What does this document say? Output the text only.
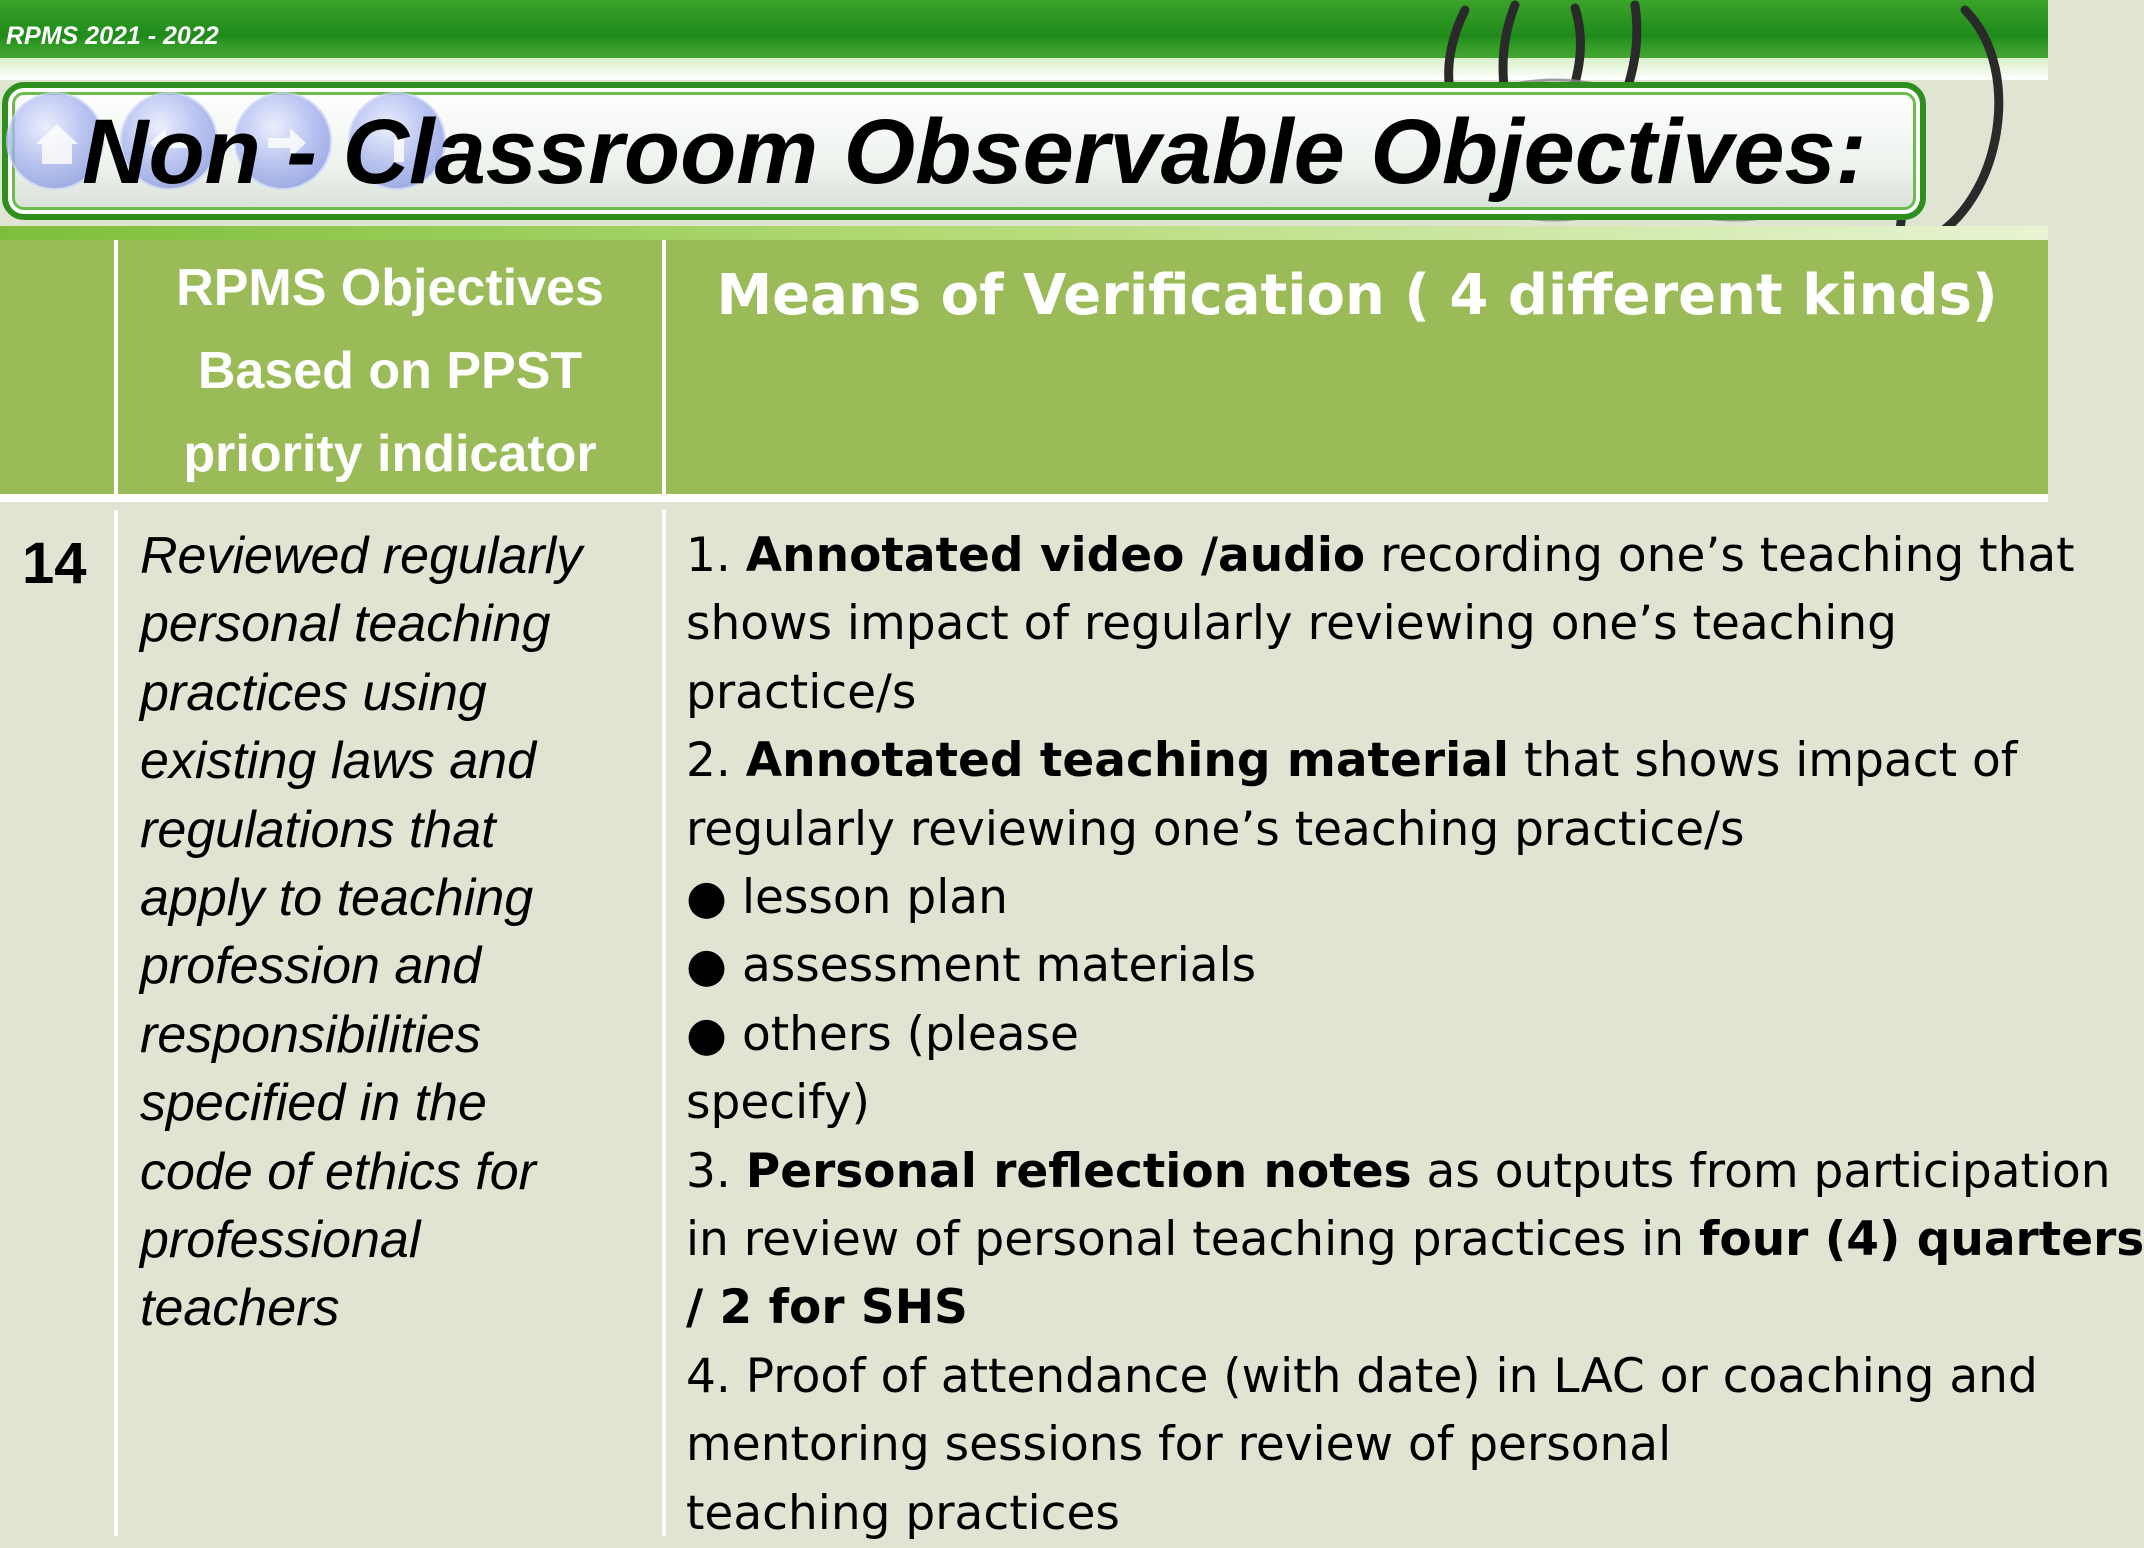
RPMS 2021 - 2022
Non - Classroom Observable Objectives:
RPMS Objectives
Based on PPST
priority indicator
Means of Verification ( 4 different kinds)
14 Reviewed regularly
personal teaching
practices using
existing laws and
regulations that
apply to teaching
profession and
responsibilities
specified in the
code of ethics for
professional
teachers
1. Annotated video /audio recording one’s teaching that
shows impact of regularly reviewing one’s teaching
practice/s
2. Annotated teaching material that shows impact of
regularly reviewing one’s teaching practice/s
● lesson plan
● assessment materials
● others (please
specify)
3. Personal reflection notes as outputs from participation
in review of personal teaching practices in four (4) quarters
/ 2 for SHS
4. Proof of attendance (with date) in LAC or coaching and
mentoring sessions for review of personal
teaching practices
